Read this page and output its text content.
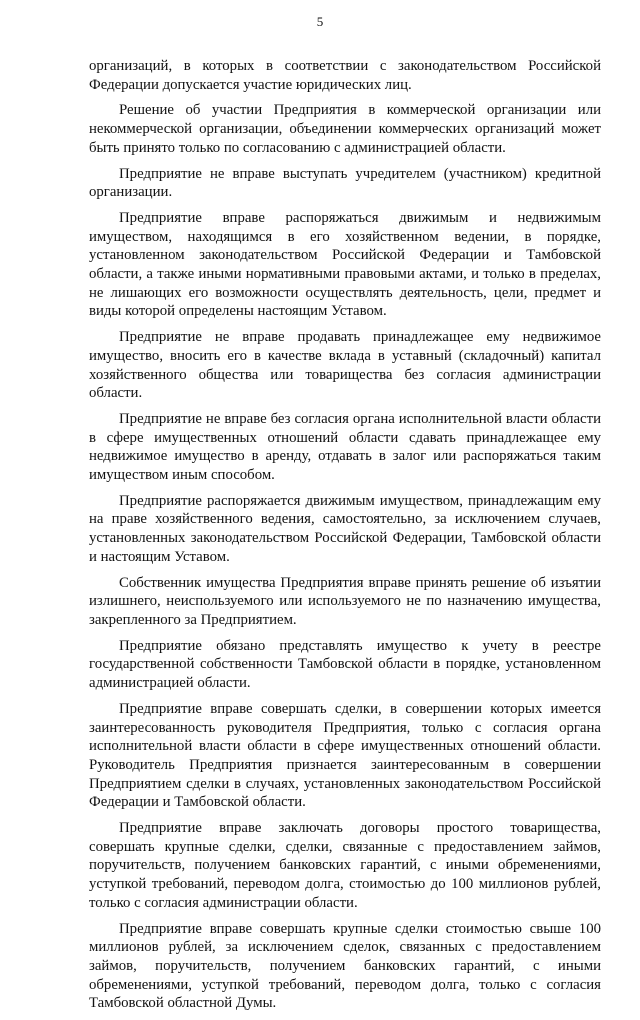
5

организаций, в которых в соответствии с законодательством Российской Федерации допускается участие юридических лиц.

Решение об участии Предприятия в коммерческой организации или некоммерческой организации, объединении коммерческих организаций может быть принято только по согласованию с администрацией области.

Предприятие не вправе выступать учредителем (участником) кредитной организации.

Предприятие вправе распоряжаться движимым и недвижимым имуществом, находящимся в его хозяйственном ведении, в порядке, установленном законодательством Российской Федерации и Тамбовской области, а также иными нормативными правовыми актами, и только в пределах, не лишающих его возможности осуществлять деятельность, цели, предмет и виды которой определены настоящим Уставом.

Предприятие не вправе продавать принадлежащее ему недвижимое имущество, вносить его в качестве вклада в уставный (складочный) капитал хозяйственного общества или товарищества без согласия администрации области.

Предприятие не вправе без согласия органа исполнительной власти области в сфере имущественных отношений области сдавать принадлежащее ему недвижимое имущество в аренду, отдавать в залог или распоряжаться таким имуществом иным способом.

Предприятие распоряжается движимым имуществом, принадлежащим ему на праве хозяйственного ведения, самостоятельно, за исключением случаев, установленных законодательством Российской Федерации, Тамбовской области и настоящим Уставом.

Собственник имущества Предприятия вправе принять решение об изъятии излишнего, неиспользуемого или используемого не по назначению имущества, закрепленного за Предприятием.

Предприятие обязано представлять имущество к учету в реестре государственной собственности Тамбовской области в порядке, установленном администрацией области.

Предприятие вправе совершать сделки, в совершении которых имеется заинтересованность руководителя Предприятия, только с согласия органа исполнительной власти области в сфере имущественных отношений области. Руководитель Предприятия признается заинтересованным в совершении Предприятием сделки в случаях, установленных законодательством Российской Федерации и Тамбовской области.

Предприятие вправе заключать договоры простого товарищества, совершать крупные сделки, сделки, связанные с предоставлением займов, поручительств, получением банковских гарантий, с иными обременениями, уступкой требований, переводом долга, стоимостью до 100 миллионов рублей, только с согласия администрации области.

Предприятие вправе совершать крупные сделки стоимостью свыше 100 миллионов рублей, за исключением сделок, связанных с предоставлением займов, поручительств, получением банковских гарантий, с иными обременениями, уступкой требований, переводом долга, только с согласия Тамбовской областной Думы.
